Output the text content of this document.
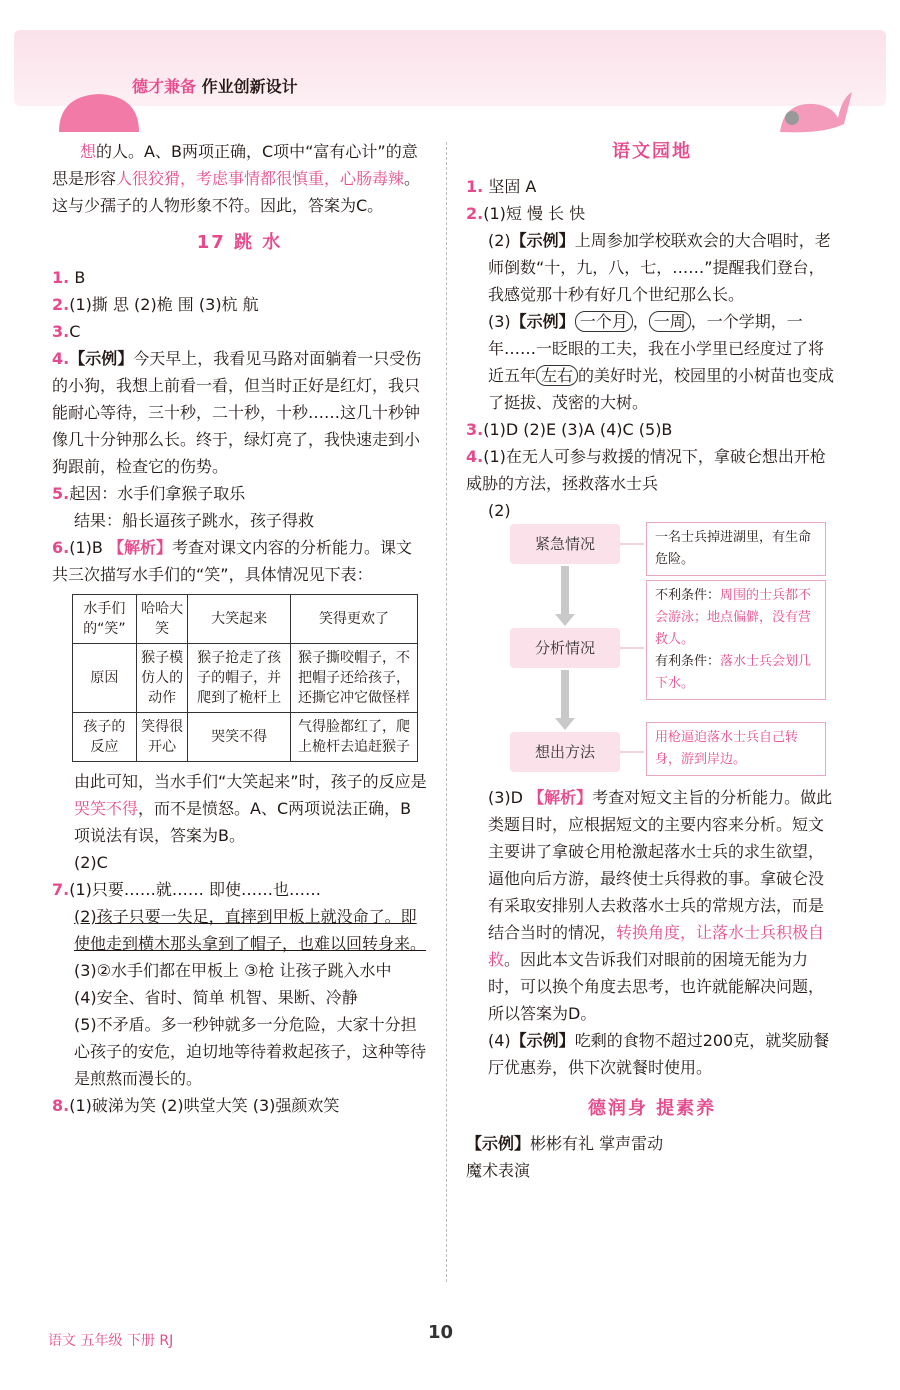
德才兼备 作业创新设计

想的人。A、B两项正确，C项中“富有心计”的意思是形容人很狡猾，考虑事情都很慎重，心肠毒辣。这与少孺子的人物形象不符。因此，答案为C。

17 跳 水

1. B

2.(1)撕 思 (2)桅 围 (3)杭 航

3.C

4.【示例】今天早上，我看见马路对面躺着一只受伤的小狗，我想上前看一看，但当时正好是红灯，我只能耐心等待，三十秒，二十秒，十秒……这几十秒钟像几十分钟那么长。终于，绿灯亮了，我快速走到小狗跟前，检查它的伤势。

5.起因：水手们拿猴子取乐

结果：船长逼孩子跳水，孩子得救

6.(1)B 【解析】考查对课文内容的分析能力。课文共三次描写水手们的“笑”，具体情况见下表：

水手们的“笑”	哈哈大笑	大笑起来	笑得更欢了
原因	猴子模仿人的动作	猴子抢走了孩子的帽子，并爬到了桅杆上	猴子撕咬帽子，不把帽子还给孩子，还撕它冲它做怪样
孩子的反应	笑得很开心	哭笑不得	气得脸都红了，爬上桅杆去追赶猴子

由此可知，当水手们“大笑起来”时，孩子的反应是哭笑不得，而不是愤怒。A、C两项说法正确，B项说法有误，答案为B。

(2)C

7.(1)只要……就…… 即使……也……

(2)孩子只要一失足，直摔到甲板上就没命了。即使他走到横木那头拿到了帽子，也难以回转身来。

(3)②水手们都在甲板上 ③枪 让孩子跳入水中

(4)安全、省时、简单 机智、果断、冷静

(5)不矛盾。多一秒钟就多一分危险，大家十分担心孩子的安危，迫切地等待着救起孩子，这种等待是煎熬而漫长的。

8.(1)破涕为笑 (2)哄堂大笑 (3)强颜欢笑

语文园地

1. 坚固 A

2.(1)短 慢 长 快

(2)【示例】上周参加学校联欢会的大合唱时，老师倒数“十，九，八，七，……”提醒我们登台，我感觉那十秒有好几个世纪那么长。

(3)【示例】 一个月 ， 一周 ，一个学期，一年……一眨眼的工夫，我在小学里已经度过了将近五年 左右 的美好时光，校园里的小树苗也变成了挺拔、茂密的大树。

3.(1)D (2)E (3)A (4)C (5)B

4.(1)在无人可参与救援的情况下，拿破仑想出开枪威胁的方法，拯救落水士兵

(2)

紧急情况
分析情况
想出方法
一名士兵掉进湖里，有生命危险。
不利条件：周围的士兵都不会游泳；地点偏僻，没有营救人。
有利条件：落水士兵会划几下水。
用枪逼迫落水士兵自己转身，游到岸边。

(3)D 【解析】考查对短文主旨的分析能力。做此类题目时，应根据短文的主要内容来分析。短文主要讲了拿破仑用枪激起落水士兵的求生欲望，逼他向后方游，最终使士兵得救的事。拿破仑没有采取安排别人去救落水士兵的常规方法，而是结合当时的情况，转换角度，让落水士兵积极自救。因此本文告诉我们对眼前的困境无能为力时，可以换个角度去思考，也许就能解决问题，所以答案为D。

(4)【示例】吃剩的食物不超过200克，就奖励餐厅优惠券，供下次就餐时使用。

德润身 提素养

【示例】彬彬有礼 掌声雷动

魔术表演

语文 五年级 下册 RJ	10
